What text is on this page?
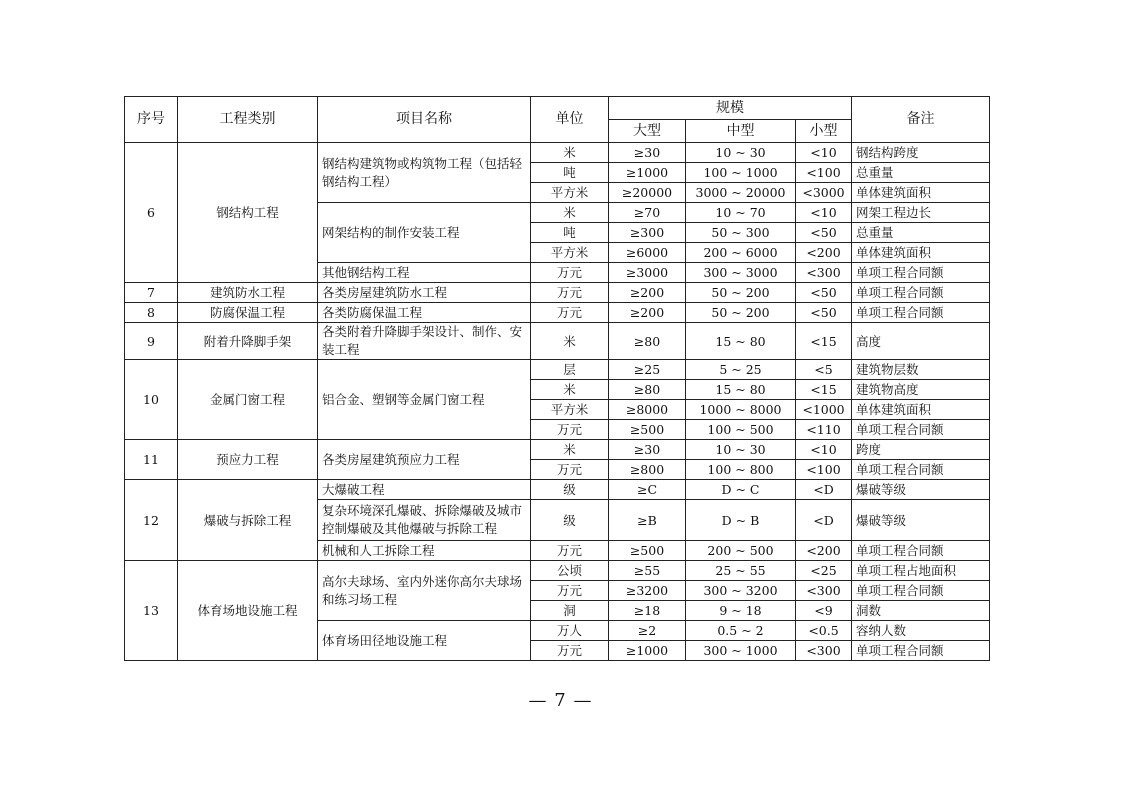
序号	工程类别	项目名称	单位	规模			备注
				大型	中型	小型	
6	钢结构工程	钢结构建筑物或构筑物工程（包括轻钢结构工程）	米	≥30	10 ~ 30	<10	钢结构跨度
			吨	≥1000	100 ~ 1000	<100	总重量
			平方米	≥20000	3000 ~ 20000	<3000	单体建筑面积
		网架结构的制作安装工程	米	≥70	10 ~ 70	<10	网架工程边长
			吨	≥300	50 ~ 300	<50	总重量
			平方米	≥6000	200 ~ 6000	<200	单体建筑面积
		其他钢结构工程	万元	≥3000	300 ~ 3000	<300	单项工程合同额
7	建筑防水工程	各类房屋建筑防水工程	万元	≥200	50 ~ 200	<50	单项工程合同额
8	防腐保温工程	各类防腐保温工程	万元	≥200	50 ~ 200	<50	单项工程合同额
9	附着升降脚手架	各类附着升降脚手架设计、制作、安装工程	米	≥80	15 ~ 80	<15	高度
10	金属门窗工程	铝合金、塑钢等金属门窗工程	层	≥25	5 ~ 25	<5	建筑物层数
			米	≥80	15 ~ 80	<15	建筑物高度
			平方米	≥8000	1000 ~ 8000	<1000	单体建筑面积
			万元	≥500	100 ~ 500	<110	单项工程合同额
11	预应力工程	各类房屋建筑预应力工程	米	≥30	10 ~ 30	<10	跨度
			万元	≥800	100 ~ 800	<100	单项工程合同额
12	爆破与拆除工程	大爆破工程	级	≥C	D ~ C	<D	爆破等级
		复杂环境深孔爆破、拆除爆破及城市控制爆破及其他爆破与拆除工程	级	≥B	D ~ B	<D	爆破等级
		机械和人工拆除工程	万元	≥500	200 ~ 500	<200	单项工程合同额
13	体育场地设施工程	高尔夫球场、室内外迷你高尔夫球场和练习场工程	公顷	≥55	25 ~ 55	<25	单项工程占地面积
			万元	≥3200	300 ~ 3200	<300	单项工程合同额
			洞	≥18	9 ~ 18	<9	洞数
		体育场田径地设施工程	万人	≥2	0.5 ~ 2	<0.5	容纳人数
			万元	≥1000	300 ~ 1000	<300	单项工程合同额
— 7 —
